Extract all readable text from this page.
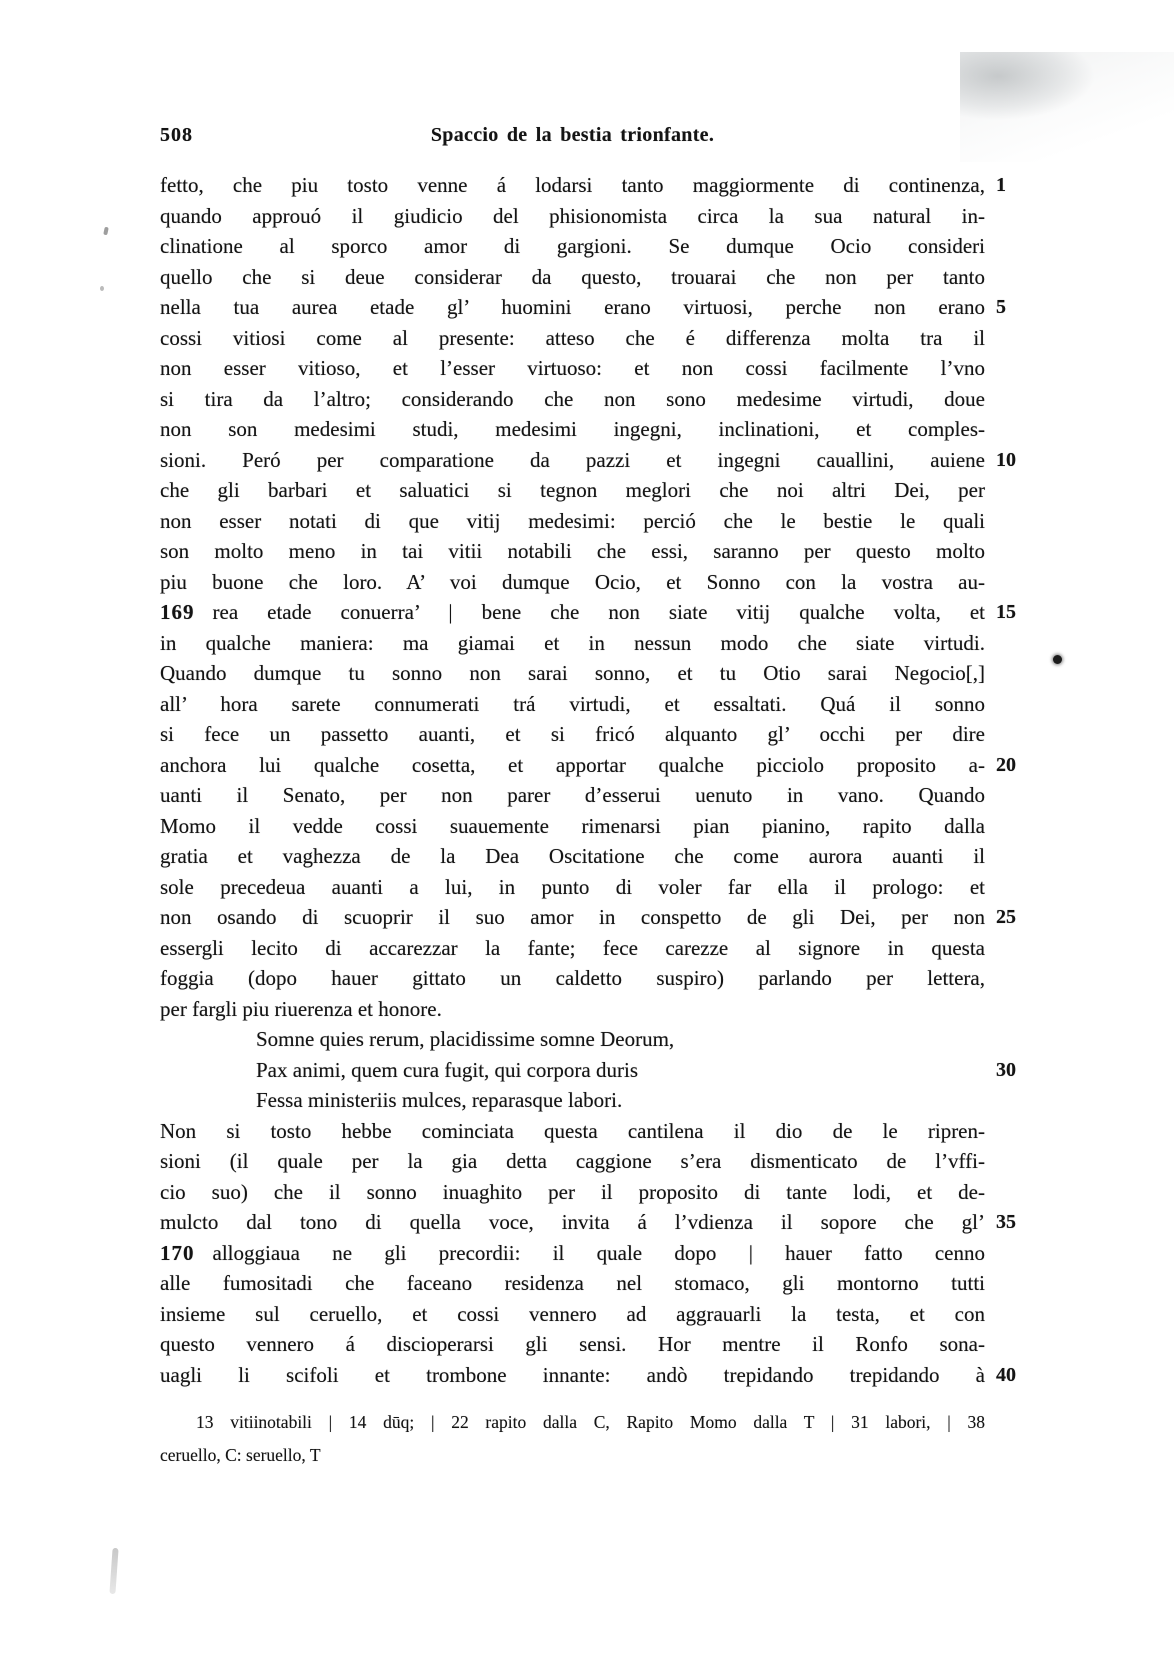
508	Spaccio de la bestia trionfante.
fetto, che piu tosto venne á lodarsi tanto maggiormente di continenza, 1
quando approuó il giudicio del phisionomista circa la sua natural in-
clinatione al sporco amor di gargioni. Se dumque Ocio consideri
quello che si deue considerar da questo, trouarai che non per tanto
nella tua aurea etade gl’ huomini erano virtuosi, perche non erano 5
cossi vitiosi come al presente: atteso che é differenza molta tra il
non esser vitioso, et l’esser virtuoso: et non cossi facilmente l’vno
si tira da l’altro; considerando che non sono medesime virtudi, doue
non son medesimi studi, medesimi ingegni, inclinationi, et comples-
sioni. Peró per comparatione da pazzi et ingegni cauallini, auiene 10
che gli barbari et saluatici si tegnon meglori che noi altri Dei, per
non esser notati di que vitij medesimi: perció che le bestie le quali
son molto meno in tai vitii notabili che essi, saranno per questo molto
piu buone che loro. A’ voi dumque Ocio, et Sonno con la vostra au-
169 rea etade conuerra’ | bene che non siate vitij qualche volta, et 15
in qualche maniera: ma giamai et in nessun modo che siate virtudi.
Quando dumque tu sonno non sarai sonno, et tu Otio sarai Negocio[,]
all’ hora sarete connumerati trá virtudi, et essaltati. Quá il sonno
si fece un passetto auanti, et si fricó alquanto gl’ occhi per dire
anchora lui qualche cosetta, et apportar qualche picciolo proposito a- 20
uanti il Senato, per non parer d’esserui uenuto in vano. Quando
Momo il vedde cossi suauemente rimenarsi pian pianino, rapito dalla
gratia et vaghezza de la Dea Oscitatione che come aurora auanti il
sole precedeua auanti a lui, in punto di voler far ella il prologo: et
non osando di scuoprir il suo amor in conspetto de gli Dei, per non 25
essergli lecito di accarezzar la fante; fece carezze al signore in questa
foggia (dopo hauer gittato un caldetto suspiro) parlando per lettera,
per fargli piu riuerenza et honore.
Somne quies rerum, placidissime somne Deorum,
Pax animi, quem cura fugit, qui corpora duris	30
Fessa ministeriis mulces, reparasque labori.
Non si tosto hebbe cominciata questa cantilena il dio de le ripren-
sioni (il quale per la gia detta caggione s’era dismenticato de l’vffi-
cio suo) che il sonno inuaghito per il proposito di tante lodi, et de-
mulcto dal tono di quella voce, invita á l’vdienza il sopore che gl’ 35
170 alloggiaua ne gli precordii: il quale dopo | hauer fatto cenno
alle fumositadi che faceano residenza nel stomaco, gli montorno tutti
insieme sul ceruello, et cossi vennero ad aggrauarli la testa, et con
questo vennero á discioperarsi gli sensi. Hor mentre il Ronfo sona-
uagli li scifoli et trombone innante: andò trepidando trepidando à 40
13 vitiinotabili | 14 dūq; | 22 rapito dalla C, Rapito Momo dalla T | 31 labori, | 38
ceruello, C: seruello, T
